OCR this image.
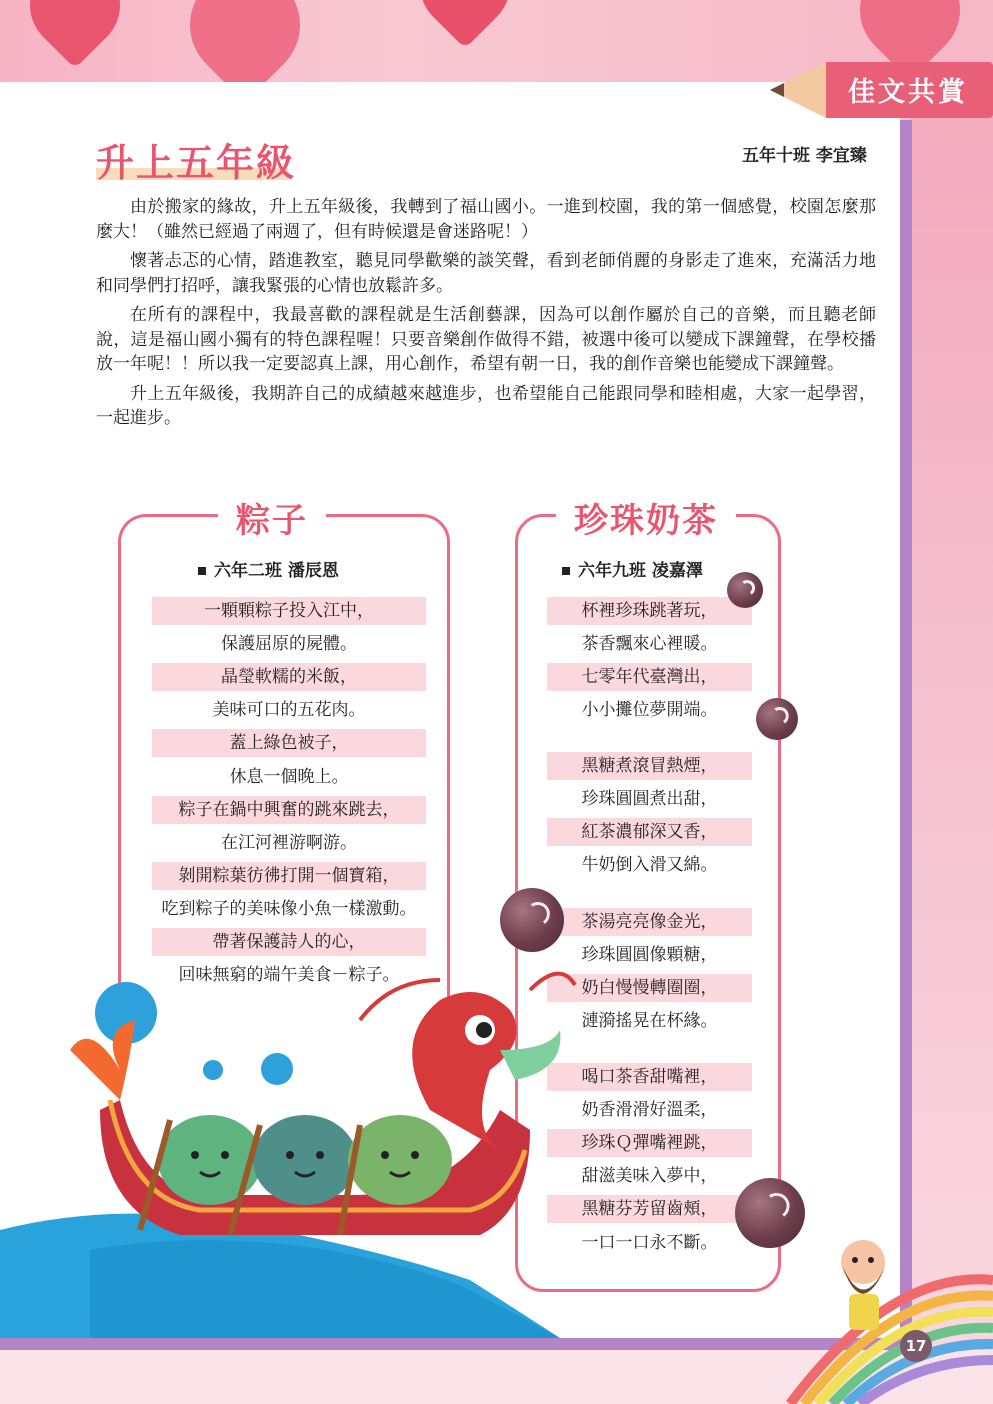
佳文共賞
升上五年級	五年十班 李宜臻

由於搬家的緣故，升上五年級後，我轉到了福山國小。一進到校園，我的第一個感覺，校園怎麼那麼大！（雖然已經過了兩週了，但有時候還是會迷路呢！）

懷著忐忑的心情，踏進教室，聽見同學歡樂的談笑聲，看到老師俏麗的身影走了進來，充滿活力地和同學們打招呼，讓我緊張的心情也放鬆許多。

在所有的課程中，我最喜歡的課程就是生活創藝課，因為可以創作屬於自己的音樂，而且聽老師說，這是福山國小獨有的特色課程喔！只要音樂創作做得不錯，被選中後可以變成下課鐘聲，在學校播放一年呢！！所以我一定要認真上課，用心創作，希望有朝一日，我的創作音樂也能變成下課鐘聲。

升上五年級後，我期許自己的成績越來越進步，也希望能自己能跟同學和睦相處，大家一起學習，一起進步。

粽子
六年二班 潘辰恩
一顆顆粽子投入江中，
保護屈原的屍體。
晶瑩軟糯的米飯，
美味可口的五花肉。
蓋上綠色被子，
休息一個晚上。
粽子在鍋中興奮的跳來跳去，
在江河裡游啊游。
剝開粽葉彷彿打開一個寶箱，
吃到粽子的美味像小魚一樣激動。
帶著保護詩人的心，
回味無窮的端午美食－粽子。
珍珠奶茶
六年九班 凌嘉澤
杯裡珍珠跳著玩，
茶香飄來心裡暖。
七零年代臺灣出，
小小攤位夢開端。
黑糖煮滾冒熱煙，
珍珠圓圓煮出甜，
紅茶濃郁深又香，
牛奶倒入滑又綿。
茶湯亮亮像金光，
珍珠圓圓像顆糖，
奶白慢慢轉圈圈，
漣漪搖晃在杯緣。
喝口茶香甜嘴裡，
奶香滑滑好溫柔，
珍珠Ｑ彈嘴裡跳，
甜滋美味入夢中，
黑糖芬芳留齒頰，
一口一口永不斷。
17
